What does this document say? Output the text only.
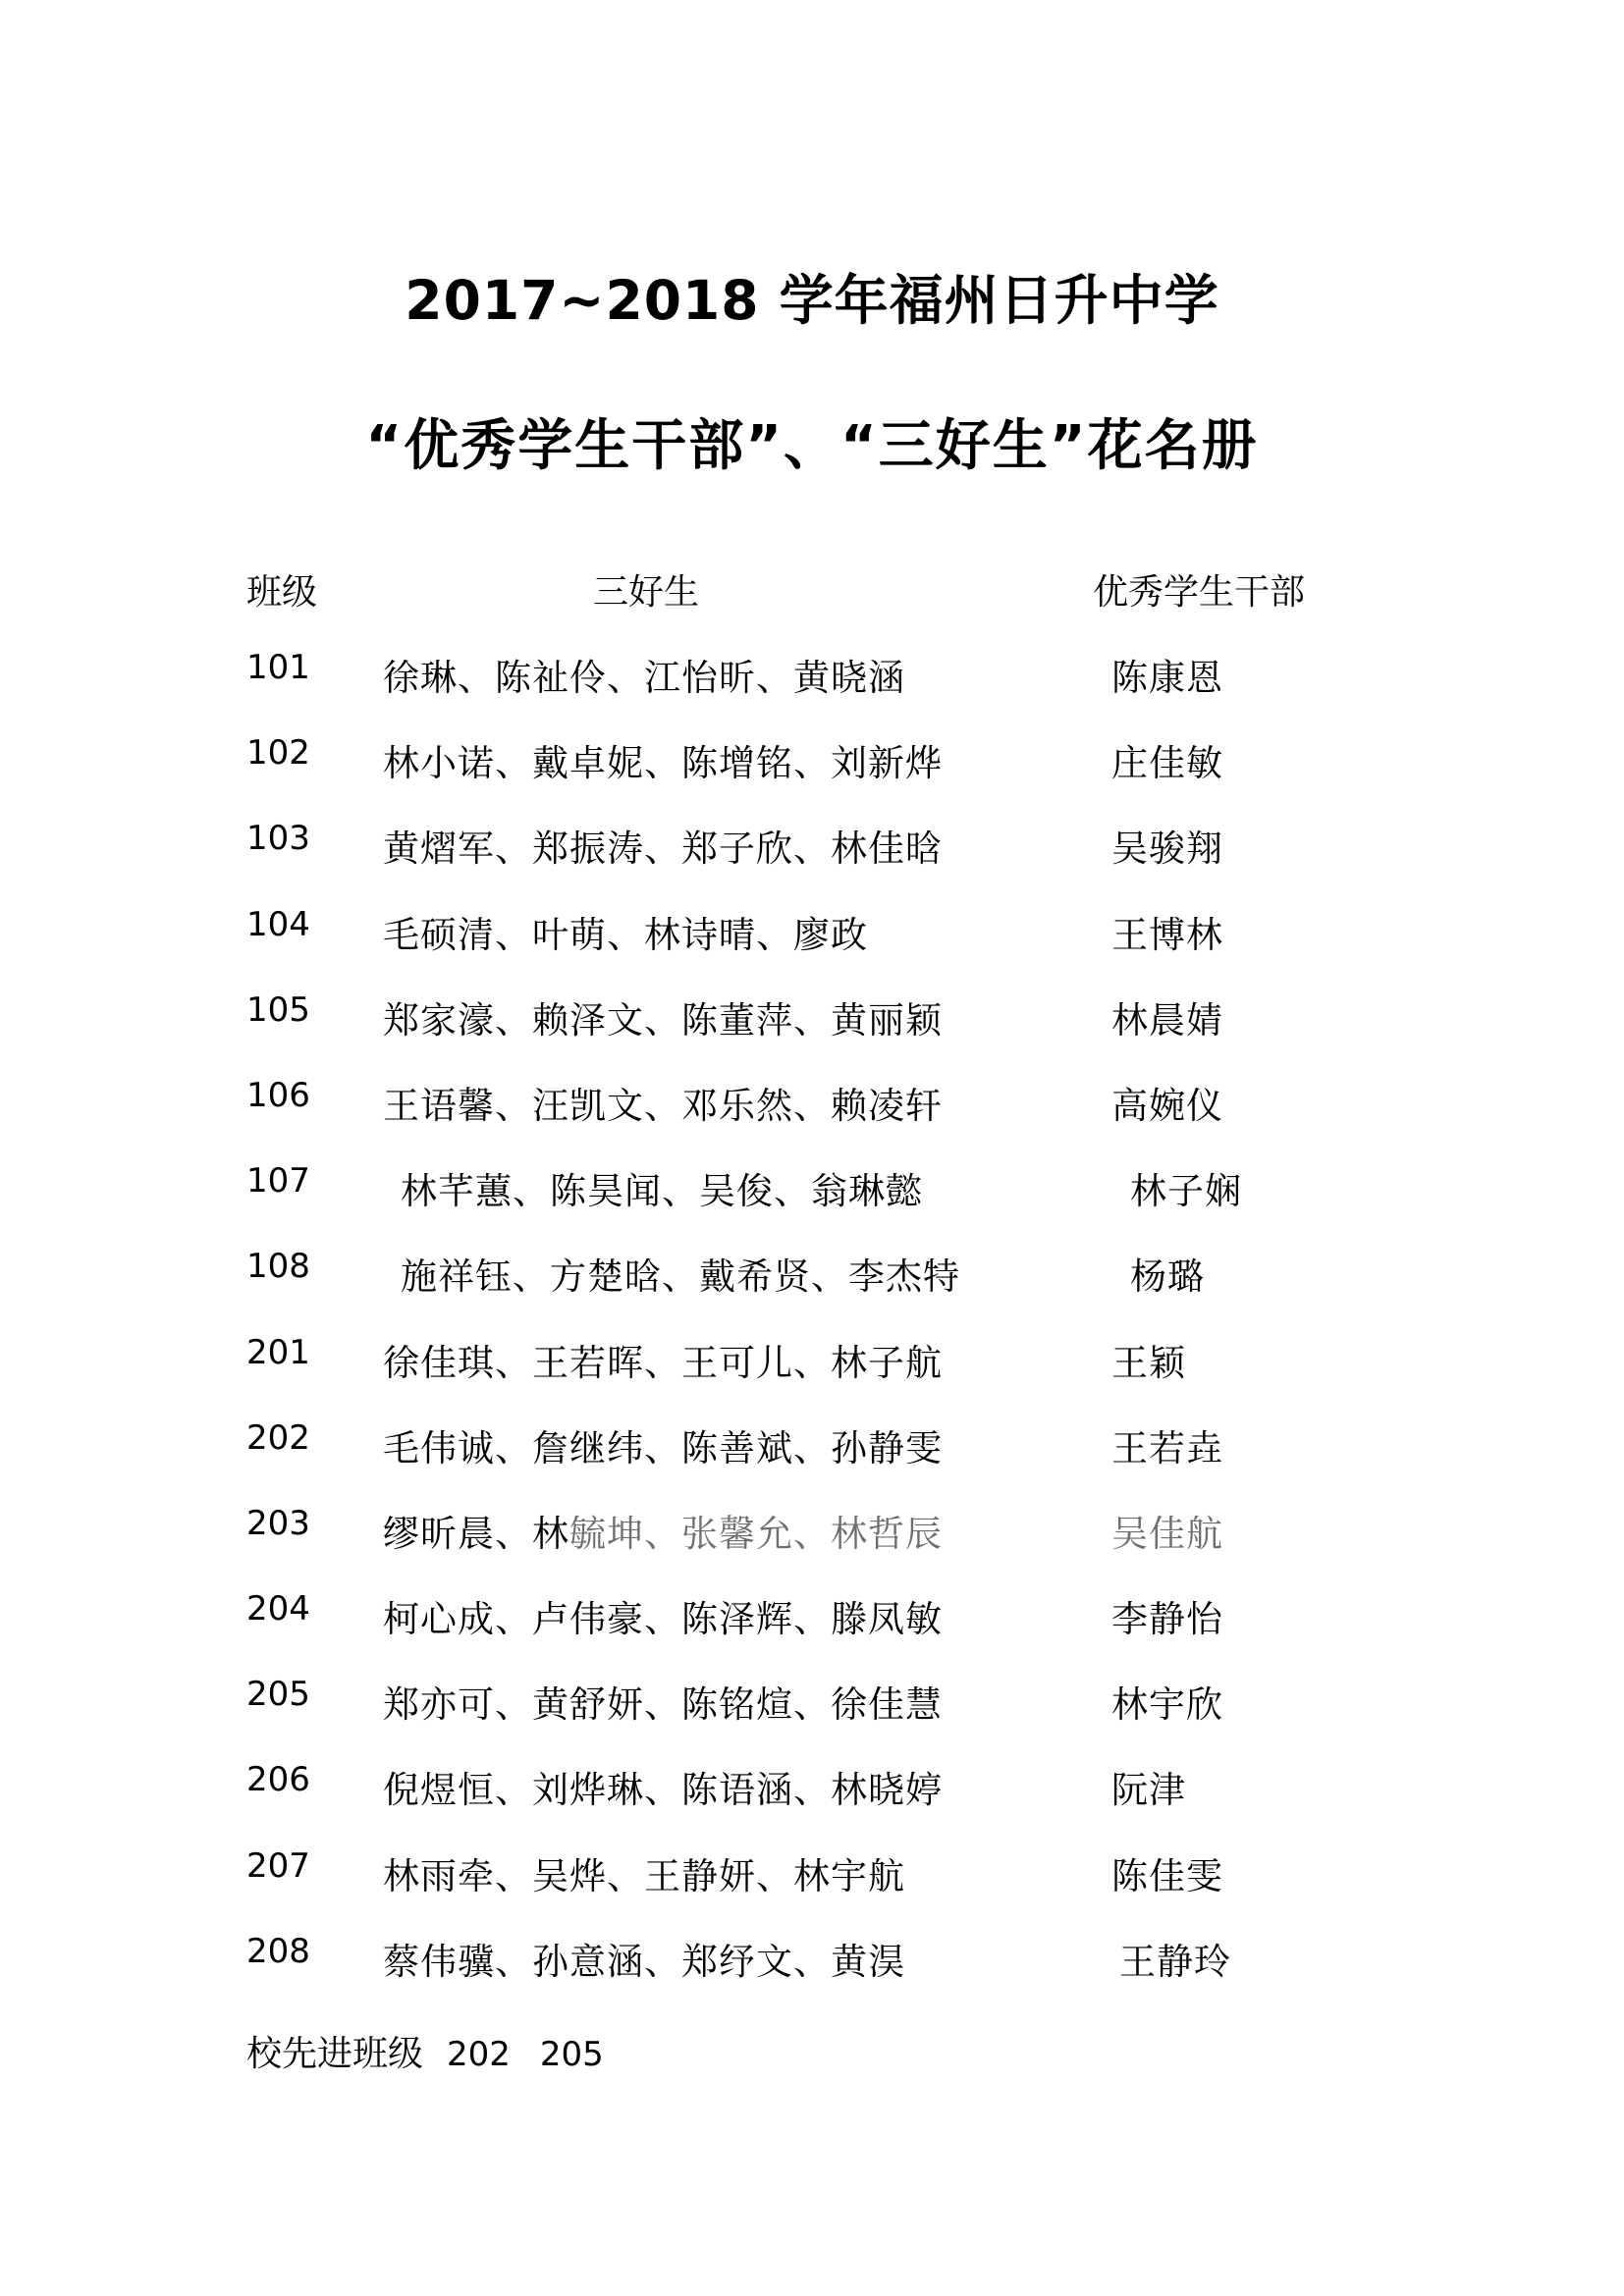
2017~2018 学年福州日升中学
“优秀学生干部”、“三好生”花名册
班级	三好生	优秀学生干部
101 徐琳、陈祉伶、江怡昕、黄晓涵	陈康恩
102 林小诺、戴卓妮、陈增铭、刘新烨	庄佳敏
103 黄熠军、郑振涛、郑子欣、林佳晗	吴骏翔
104 毛硕清、叶萌、林诗晴、廖政	王博林
105 郑家濠、赖泽文、陈董萍、黄丽颖	林晨婧
106 王语馨、汪凯文、邓乐然、赖凌轩	高婉仪
107 林芊蕙、陈昊闻、吴俊、翁琳懿	林子娴
108 施祥钰、方楚晗、戴希贤、李杰特	杨璐
201 徐佳琪、王若晖、王可儿、林子航	王颖
202 毛伟诚、詹继纬、陈善斌、孙静雯	王若垚
203 缪昕晨、林毓坤、张馨允、林哲辰	吴佳航
204 柯心成、卢伟豪、陈泽辉、滕凤敏	李静怡
205 郑亦可、黄舒妍、陈铭煊、徐佳慧	林宇欣
206 倪煜恒、刘烨琳、陈语涵、林晓婷	阮津
207 林雨牵、吴烨、王静妍、林宇航	陈佳雯
208 蔡伟骥、孙意涵、郑纾文、黄淏	王静玲
校先进班级 202 205
